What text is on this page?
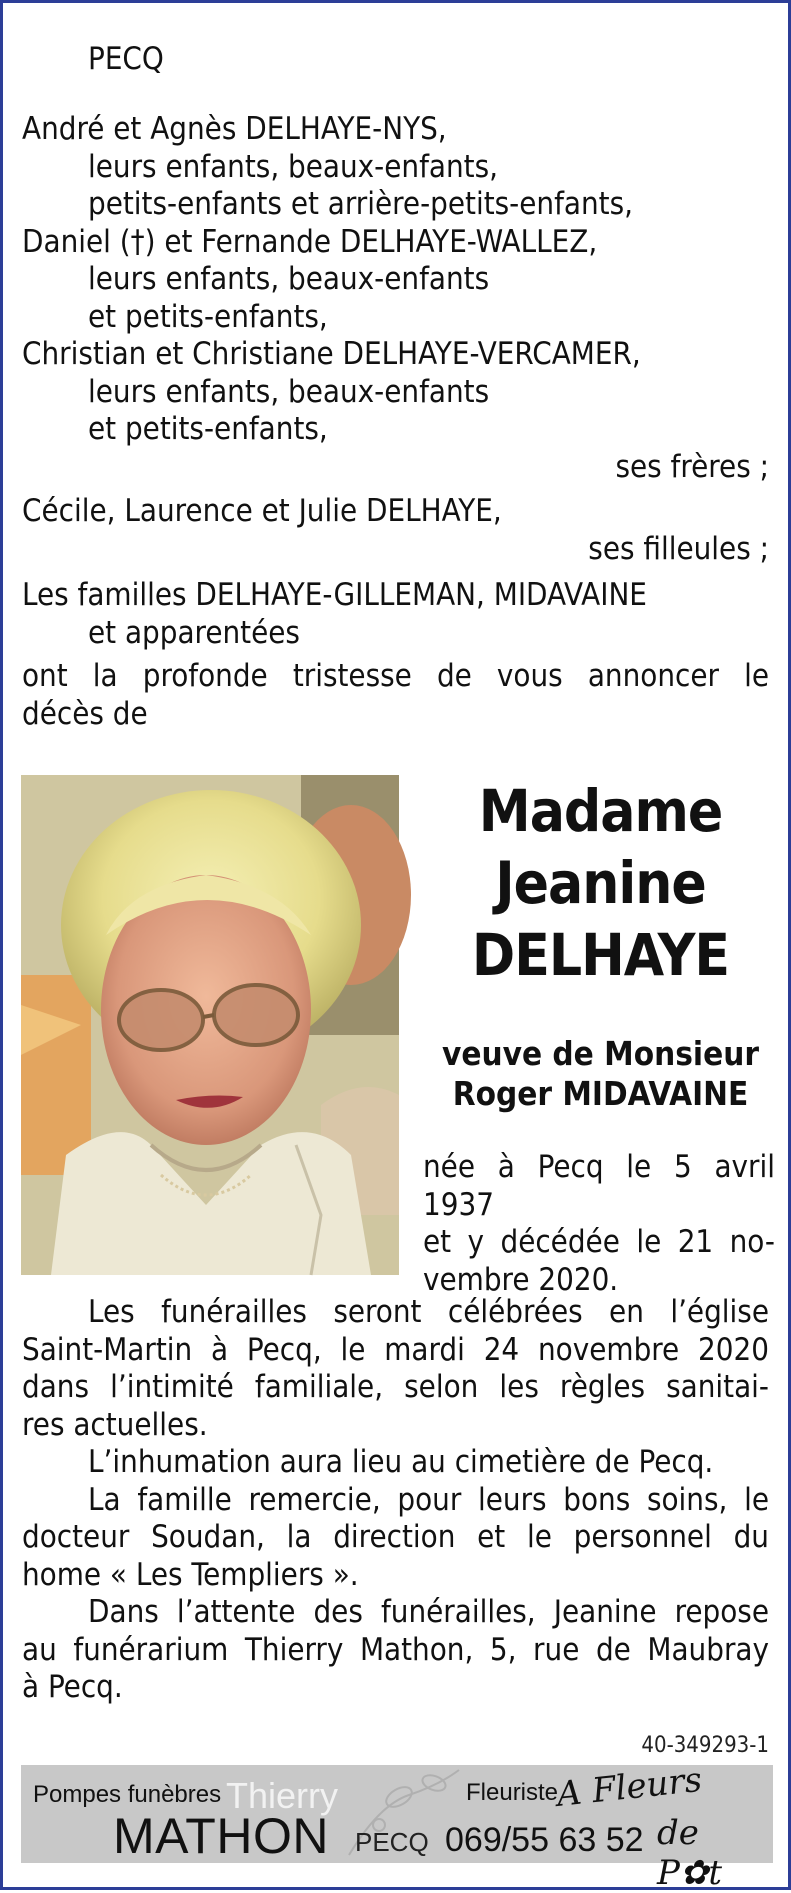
PECQ
André et Agnès DELHAYE-NYS,
leurs enfants, beaux-enfants,
petits-enfants et arrière-petits-enfants,
Daniel (†) et Fernande DELHAYE-WALLEZ,
leurs enfants, beaux-enfants
et petits-enfants,
Christian et Christiane DELHAYE-VERCAMER,
leurs enfants, beaux-enfants
et petits-enfants,
ses frères ;
Cécile, Laurence et Julie DELHAYE,
ses filleules ;
Les familles DELHAYE-GILLEMAN, MIDAVAINE
et apparentées
ont la profonde tristesse de vous annoncer le
décès de
Madame
Jeanine
DELHAYE
veuve de Monsieur
Roger MIDAVAINE
née à Pecq le 5 avril 1937
et y décédée le 21 no-
vembre 2020.
Les funérailles seront célébrées en l’église
Saint-Martin à Pecq, le mardi 24 novembre 2020
dans l’intimité familiale, selon les règles sanitai-
res actuelles.
L’inhumation aura lieu au cimetière de Pecq.
La famille remercie, pour leurs bons soins, le
docteur Soudan, la direction et le personnel du
home « Les Templiers ».
Dans l’attente des funérailles, Jeanine repose
au funérarium Thierry Mathon, 5, rue de Maubray
à Pecq.
40-349293-1
Pompes funèbres Thierry
MATHON PECQ 069/55 63 52
Fleuriste
A Fleurs
de P✿t
